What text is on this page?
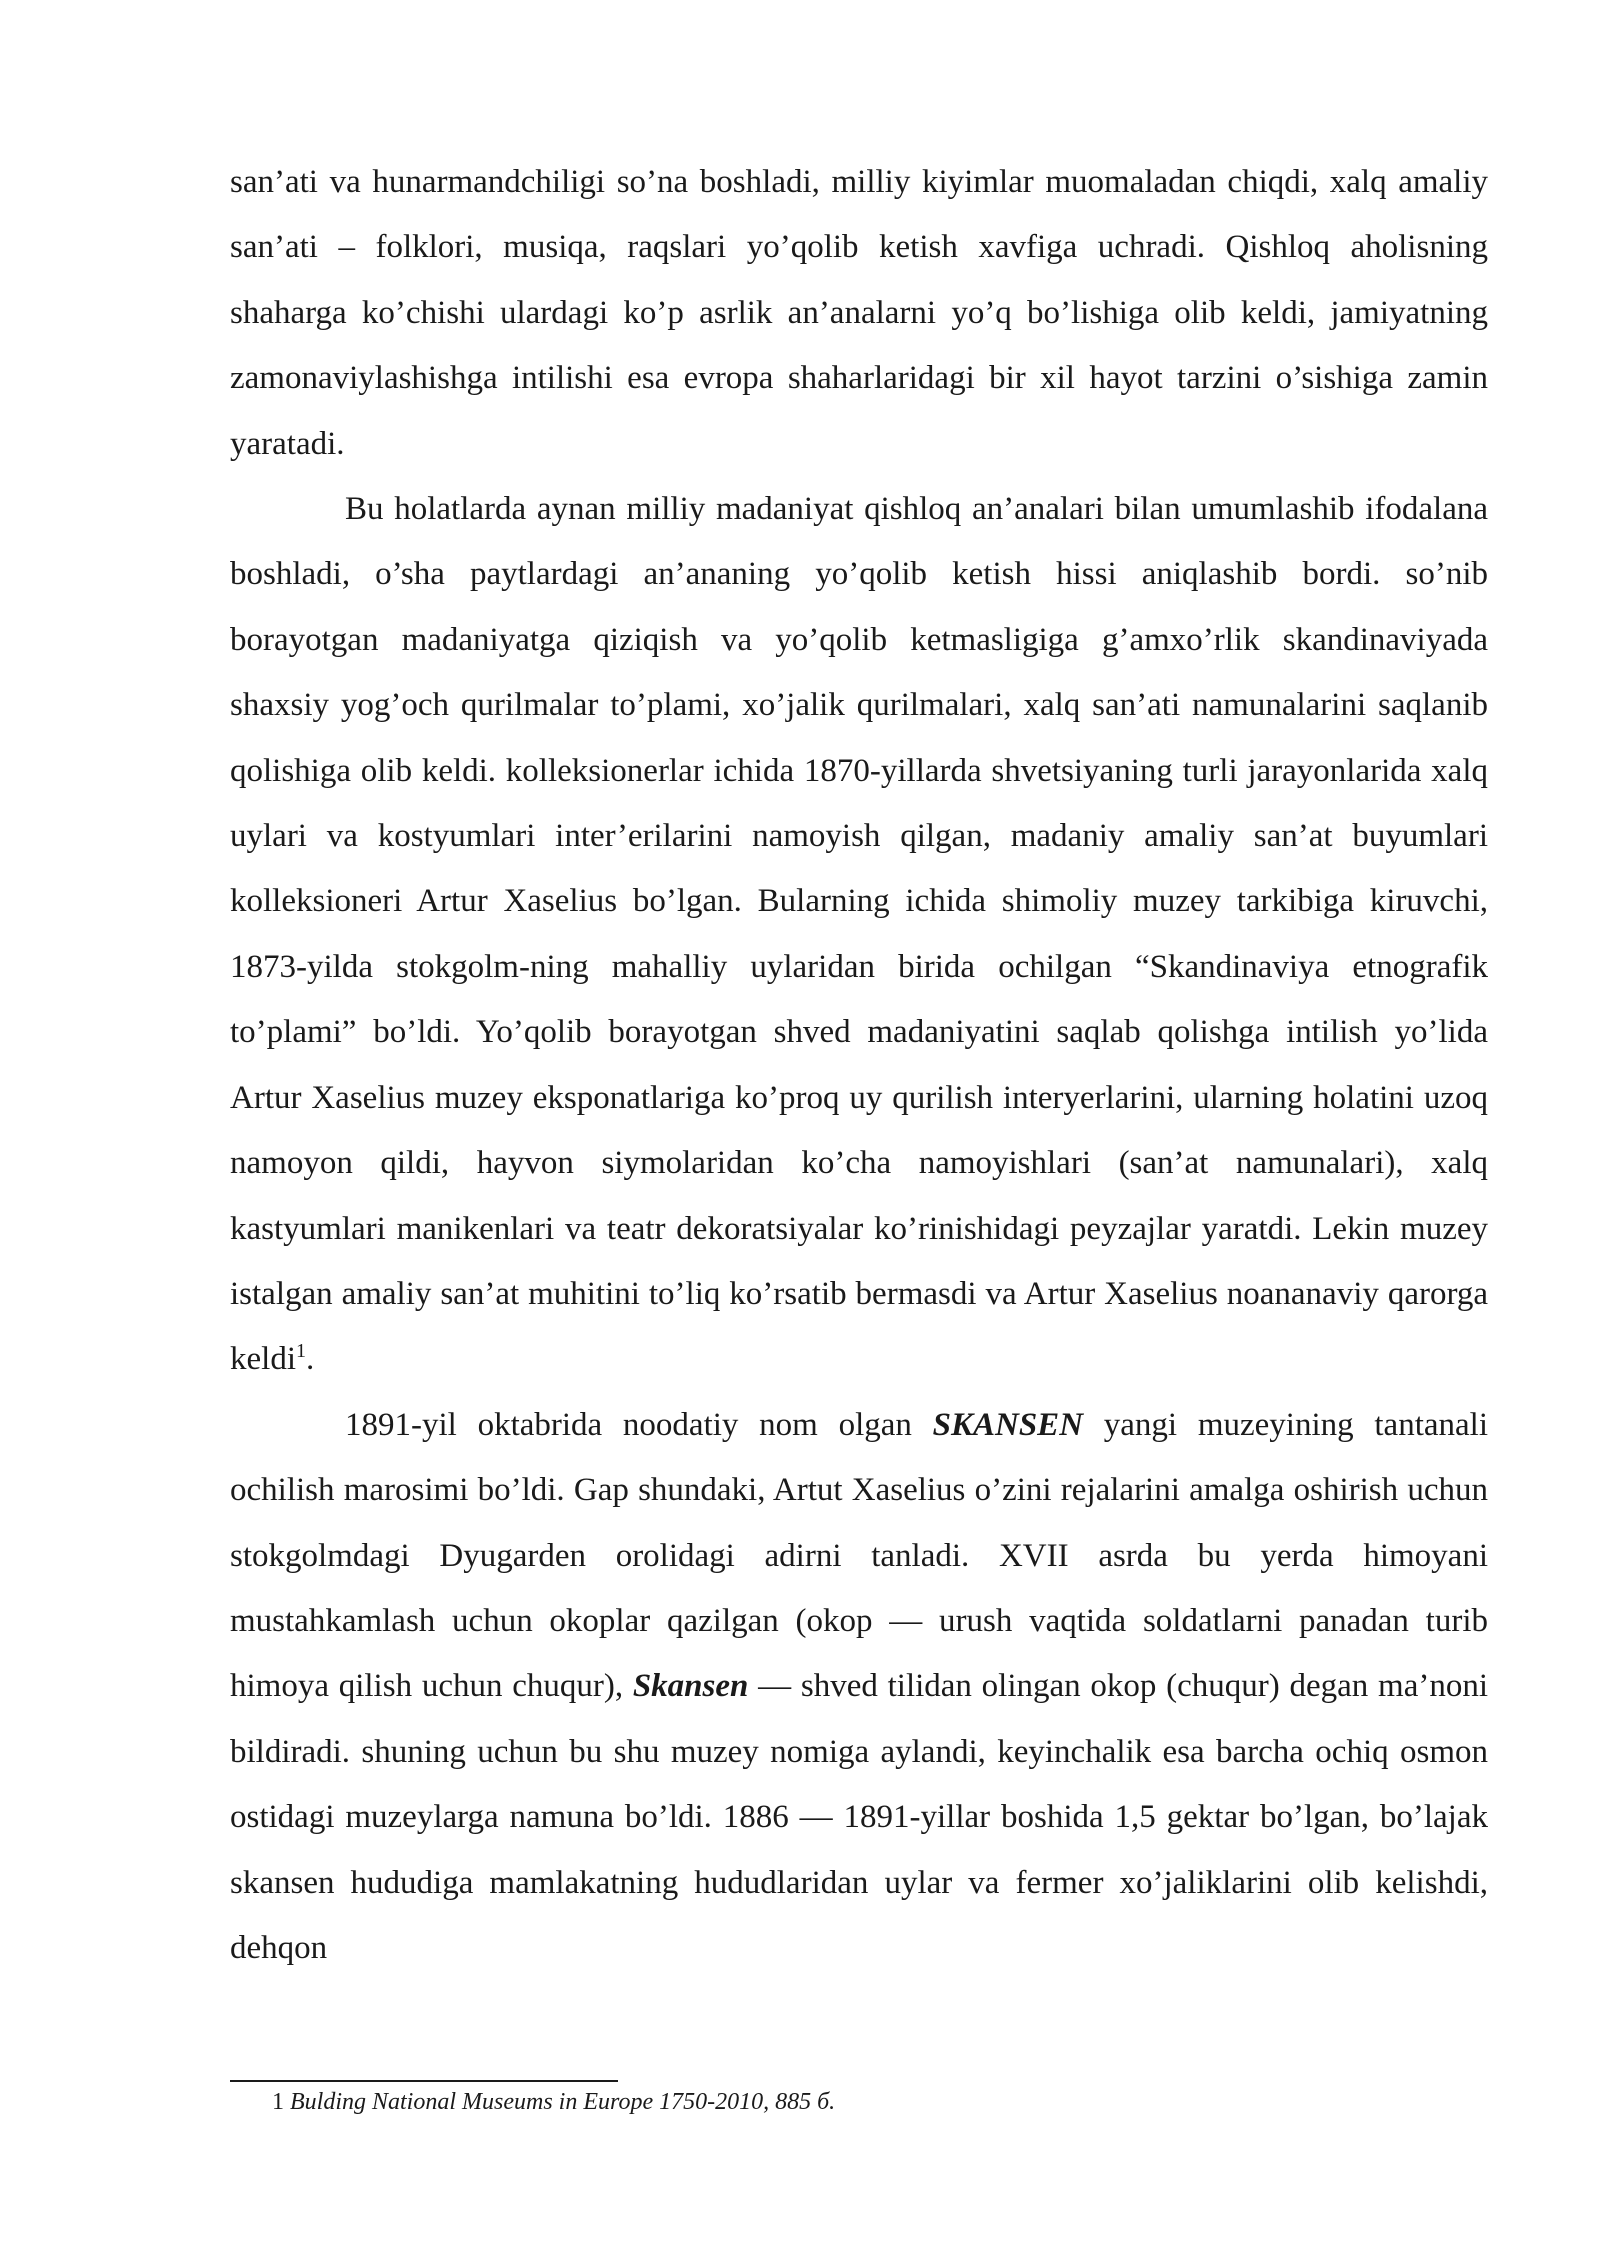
san’ati va hunarmandchiligi so’na boshladi, milliy kiyimlar muomaladan chiqdi, xalq amaliy san’ati – folklori, musiqa, raqslari yo’qolib ketish xavfiga uchradi. Qishloq aholisning shaharga ko’chishi ulardagi ko’p asrlik an’analarni yo’q bo’lishiga olib keldi, jamiyatning zamonaviylashishga intilishi esa evropa shaharlaridagi bir xil hayot tarzini o’sishiga zamin yaratadi.

Bu holatlarda aynan milliy madaniyat qishloq an’analari bilan umumlashib ifodalana boshladi, o’sha paytlardagi an’ananing yo’qolib ketish hissi aniqlashib bordi. so’nib borayotgan madaniyatga qiziqish va yo’qolib ketmasligiga g’amxo’rlik skandinaviyada shaxsiy yog’och qurilmalar to’plami, xo’jalik qurilmalari, xalq san’ati namunalarini saqlanib qolishiga olib keldi. kolleksionerlar ichida 1870-yillarda shvetsiyaning turli jarayonlarida xalq uylari va kostyumlari inter’erilarini namoyish qilgan, madaniy amaliy san’at buyumlari kolleksioneri Artur Xaselius bo’lgan. Bularning ichida shimoliy muzey tarkibiga kiruvchi, 1873-yilda stokgolm-ning mahalliy uylaridan birida ochilgan “Skandinaviya etnografik to’plami” bo’ldi. Yo’qolib borayotgan shved madaniyatini saqlab qolishga intilish yo’lida Artur Xaselius muzey eksponatlariga ko’proq uy qurilish interyerlarini, ularning holatini uzoq namoyon qildi, hayvon siymolaridan ko’cha namoyishlari (san’at namunalari), xalq kastyumlari manikenlari va teatr dekoratsiyalar ko’rinishidagi peyzajlar yaratdi. Lekin muzey istalgan amaliy san’at muhitini to’liq ko’rsatib bermasdi va Artur Xaselius noananaviy qarorga keldi$^1$.

1891-yil oktabrida noodatiy nom olgan SKANSEN yangi muzeyining tantanali ochilish marosimi bo’ldi. Gap shundaki, Artut Xaselius o’zini rejalarini amalga oshirish uchun stokgolmdagi Dyugarden orolidagi adirni tanladi. XVII asrda bu yerda himoyani mustahkamlash uchun okoplar qazilgan (okop — urush vaqtida soldatlarni panadan turib himoya qilish uchun chuqur), Skansen — shved tilidan olingan okop (chuqur) degan ma’noni bildiradi. shuning uchun bu shu muzey nomiga aylandi, keyinchalik esa barcha ochiq osmon ostidagi muzeylarga namuna bo’ldi. 1886 — 1891-yillar boshida 1,5 gektar bo’lgan, bo’lajak skansen hududiga mamlakatning hududlaridan uylar va fermer xo’jaliklarini olib kelishdi, dehqon

1 Bulding National Museums in Europe 1750-2010, 885 б.
